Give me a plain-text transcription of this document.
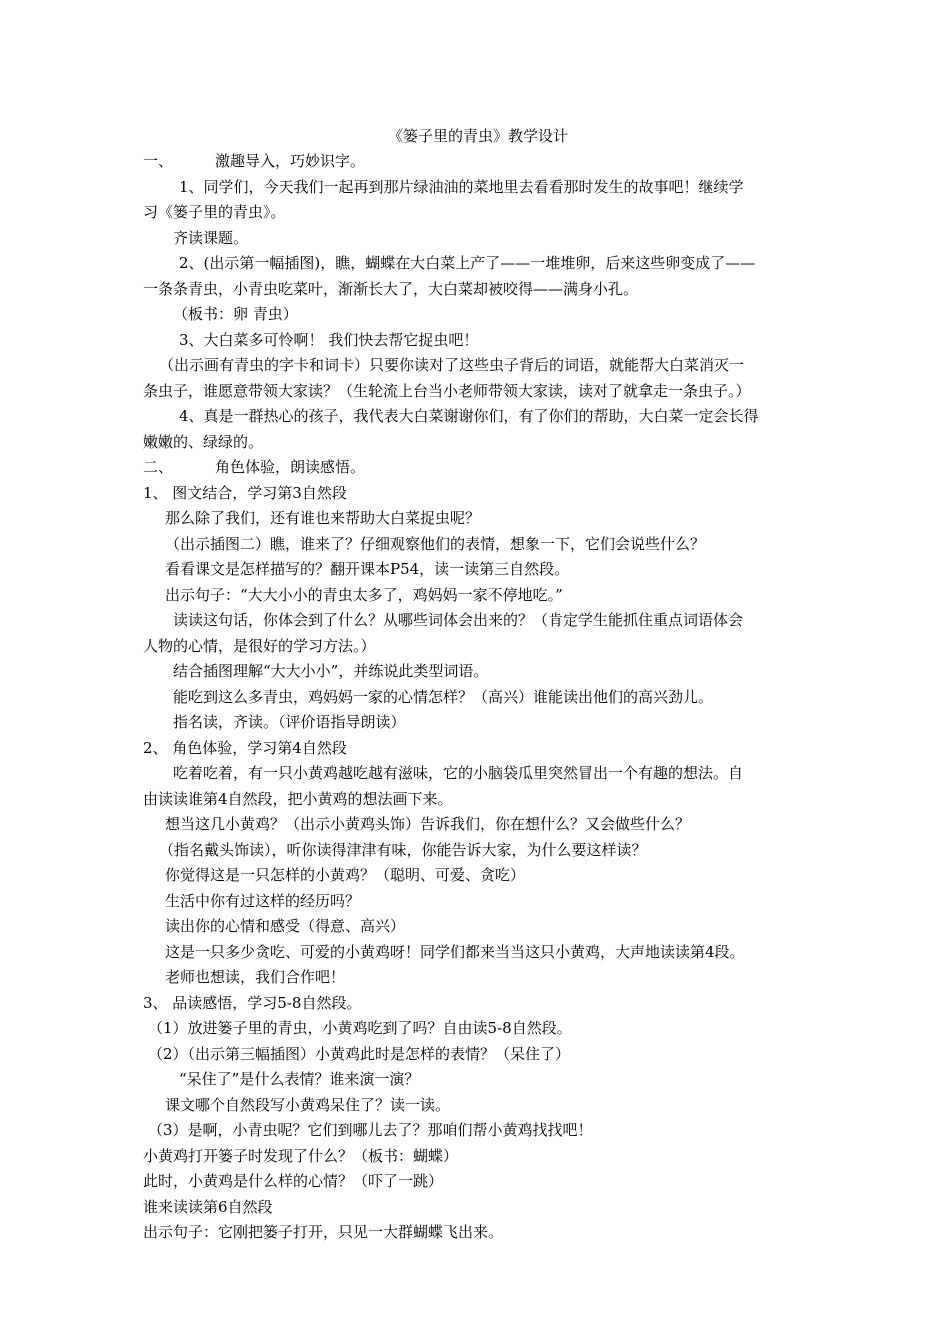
《篓子里的青虫》教学设计
一、	激趣导入，巧妙识字。
1、同学们，今天我们一起再到那片绿油油的菜地里去看看那时发生的故事吧！继续学
习《篓子里的青虫》。
齐读课题。
2、(出示第一幅插图)，瞧，蝴蝶在大白菜上产了——一堆堆卵，后来这些卵变成了——
一条条青虫，小青虫吃菜叶，渐渐长大了，大白菜却被咬得——满身小孔。
（板书：卵 青虫）
3、大白菜多可怜啊！ 我们快去帮它捉虫吧！
（出示画有青虫的字卡和词卡）只要你读对了这些虫子背后的词语，就能帮大白菜消灭一
条虫子，谁愿意带领大家读？（生轮流上台当小老师带领大家读，读对了就拿走一条虫子。）
4、真是一群热心的孩子，我代表大白菜谢谢你们，有了你们的帮助，大白菜一定会长得
嫩嫩的、绿绿的。
二、	角色体验，朗读感悟。
1、 图文结合，学习第3自然段
那么除了我们，还有谁也来帮助大白菜捉虫呢？
（出示插图二）瞧，谁来了？仔细观察他们的表情，想象一下，它们会说些什么？
看看课文是怎样描写的？翻开课本P54，读一读第三自然段。
出示句子：“大大小小的青虫太多了，鸡妈妈一家不停地吃。”
读读这句话，你体会到了什么？从哪些词体会出来的？（肯定学生能抓住重点词语体会
人物的心情，是很好的学习方法。）
结合插图理解“大大小小”，并练说此类型词语。
能吃到这么多青虫，鸡妈妈一家的心情怎样？（高兴）谁能读出他们的高兴劲儿。
指名读，齐读。（评价语指导朗读）
2、 角色体验，学习第4自然段
吃着吃着，有一只小黄鸡越吃越有滋味，它的小脑袋瓜里突然冒出一个有趣的想法。自
由读读谁第4自然段，把小黄鸡的想法画下来。
想当这几小黄鸡？（出示小黄鸡头饰）告诉我们，你在想什么？又会做些什么？
（指名戴头饰读），听你读得津津有味，你能告诉大家，为什么要这样读？
你觉得这是一只怎样的小黄鸡？（聪明、可爱、贪吃）
生活中你有过这样的经历吗？
读出你的心情和感受（得意、高兴）
这是一只多少贪吃、可爱的小黄鸡呀！同学们都来当当这只小黄鸡，大声地读读第4段。
老师也想读，我们合作吧！
3、 品读感悟，学习5-8自然段。
（1）放进篓子里的青虫，小黄鸡吃到了吗？自由读5-8自然段。
（2）（出示第三幅插图）小黄鸡此时是怎样的表情？（呆住了）
“呆住了”是什么表情？谁来演一演？
课文哪个自然段写小黄鸡呆住了？读一读。
（3）是啊，小青虫呢？它们到哪儿去了？那咱们帮小黄鸡找找吧！
小黄鸡打开篓子时发现了什么？（板书：蝴蝶）
此时，小黄鸡是什么样的心情？（吓了一跳）
谁来读读第6自然段
出示句子：它刚把篓子打开，只见一大群蝴蝶飞出来。
